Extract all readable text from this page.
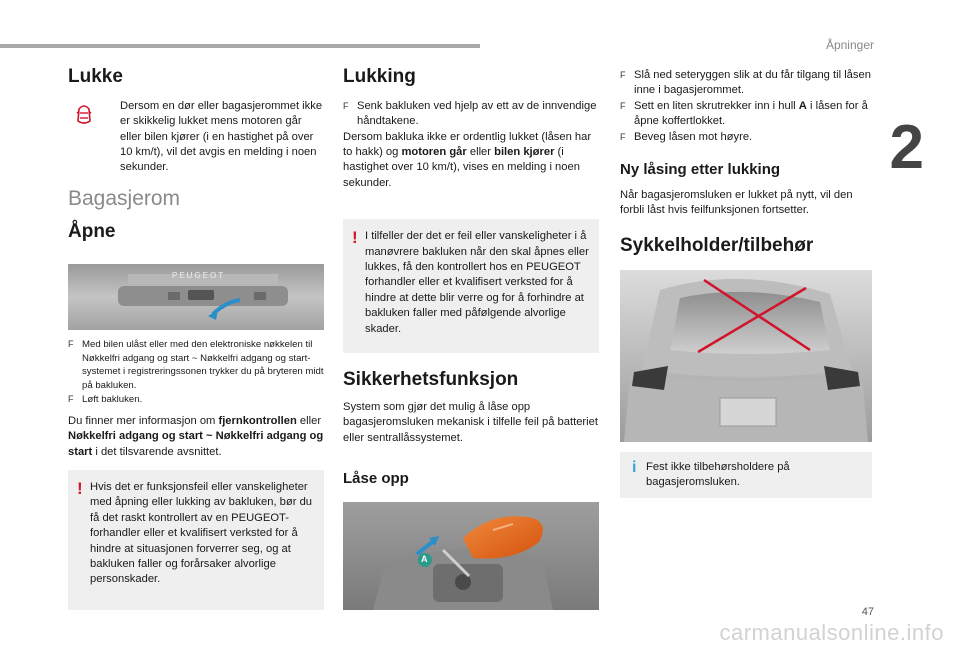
Åpninger
2
47
carmanualsonline.info
Lukke

Dersom en dør eller bagasjerommet ikke er skikkelig lukket mens motoren går eller bilen kjører (i en hastighet på over 10 km/t), vil det avgis en melding i noen sekunder.

Bagasjerom
Åpne
PEUGEOT

F Med bilen ulåst eller med den elektroniske nøkkelen til Nøkkelfri adgang og start ~ Nøkkelfri adgang og start-systemet i registreringssonen trykker du på bryteren midt på bakluken.

F Løft bakluken.

Du finner mer informasjon om fjernkontrollen eller Nøkkelfri adgang og start ~ Nøkkelfri adgang og start i det tilsvarende avsnittet.

! Hvis det er funksjonsfeil eller vanskeligheter med åpning eller lukking av bakluken, bør du få det raskt kontrollert av en PEUGEOT-forhandler eller et kvalifisert verksted for å hindre at situasjonen forverrer seg, og at bakluken faller og forårsaker alvorlige personskader.

Lukking

F Senk bakluken ved hjelp av ett av de innvendige håndtakene.

Dersom bakluka ikke er ordentlig lukket (låsen har to hakk) og motoren går eller bilen kjører (i hastighet over 10 km/t), vises en melding i noen sekunder.

! I tilfeller der det er feil eller vanskeligheter i å manøvrere bakluken når den skal åpnes eller lukkes, få den kontrollert hos en PEUGEOT forhandler eller et kvalifisert verksted for å hindre at dette blir verre og for å forhindre at bakluken faller med påfølgende alvorlige skader.

Sikkerhetsfunksjon

System som gjør det mulig å låse opp bagasjeromsluken mekanisk i tilfelle feil på batteriet eller sentrallåssystemet.

Låse opp
A

F Slå ned seteryggen slik at du får tilgang til låsen inne i bagasjerommet.

F Sett en liten skrutrekker inn i hull A i låsen for å åpne koffertlokket.

F Beveg låsen mot høyre.

Ny låsing etter lukking

Når bagasjeromsluken er lukket på nytt, vil den forbli låst hvis feilfunksjonen fortsetter.

Sykkelholder/tilbehør
i Fest ikke tilbehørsholdere på bagasjeromsluken.
